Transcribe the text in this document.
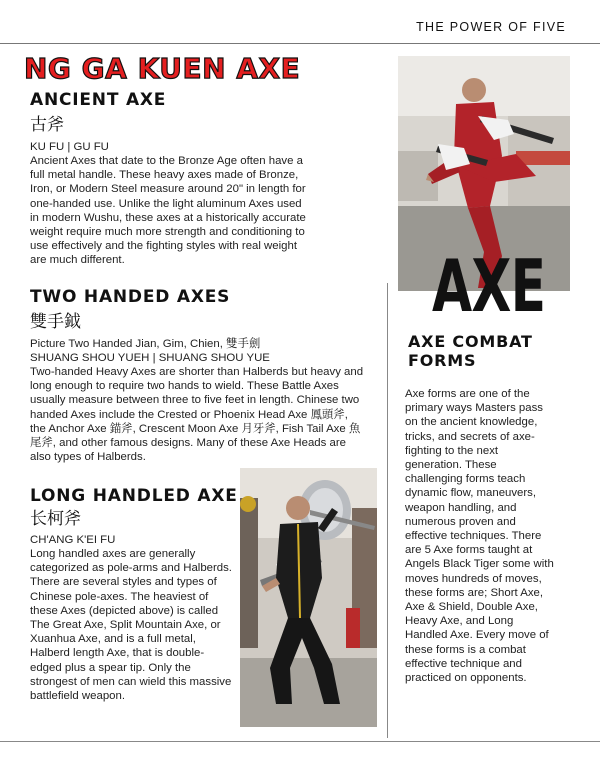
THE POWER OF FIVE
NG GA KUEN AXE
ANCIENT AXE

古斧

KU FU | GU FU

Ancient Axes that date to the Bronze Age often have a full metal handle. These heavy axes made of Bronze, Iron, or Modern Steel measure around 20" in length for one-handed use. Unlike the light aluminum Axes used in modern Wushu, these axes at a historically accurate weight require much more strength and conditioning to use effectively and the fighting styles with real weight are much different.	AXE
TWO HANDED AXES

雙手鉞

Picture Two Handed Jian, Gim, Chien, 雙手劍

SHUANG SHOU YUEH | SHUANG SHOU YUE

Two-handed Heavy Axes are shorter than Halberds but heavy and long enough to require two hands to wield. These Battle Axes usually measure between three to five feet in length. Chinese two handed Axes include the Crested or Phoenix Head Axe 鳳頭斧, the Anchor Axe 錨斧, Crescent Moon Axe 月牙斧, Fish Tail Axe 魚尾斧, and other famous designs. Many of these Axe Heads are also types of Halberds.

LONG HANDLED AXE

长柯斧

CH'ANG K'EI FU

Long handled axes are generally categorized as pole-arms and Halberds. There are several styles and types of Chinese pole-axes. The heaviest of these Axes (depicted above) is called The Great Axe, Split Mountain Axe, or Xuanhua Axe, and is a full metal, Halberd length Axe, that is double-edged plus a spear tip. Only the strongest of men can wield this massive battlefield weapon.

AXE COMBAT FORMS

Axe forms are one of the primary ways Masters pass on the ancient knowledge, tricks, and secrets of axe-fighting to the next generation. These challenging forms teach dynamic flow, maneuvers, weapon handling, and numerous proven and effective techniques. There are 5 Axe forms taught at Angels Black Tiger some with moves hundreds of moves, these forms are; Short Axe, Axe & Shield, Double Axe, Heavy Axe, and Long Handled Axe. Every move of these forms is a combat effective technique and practiced on opponents.
